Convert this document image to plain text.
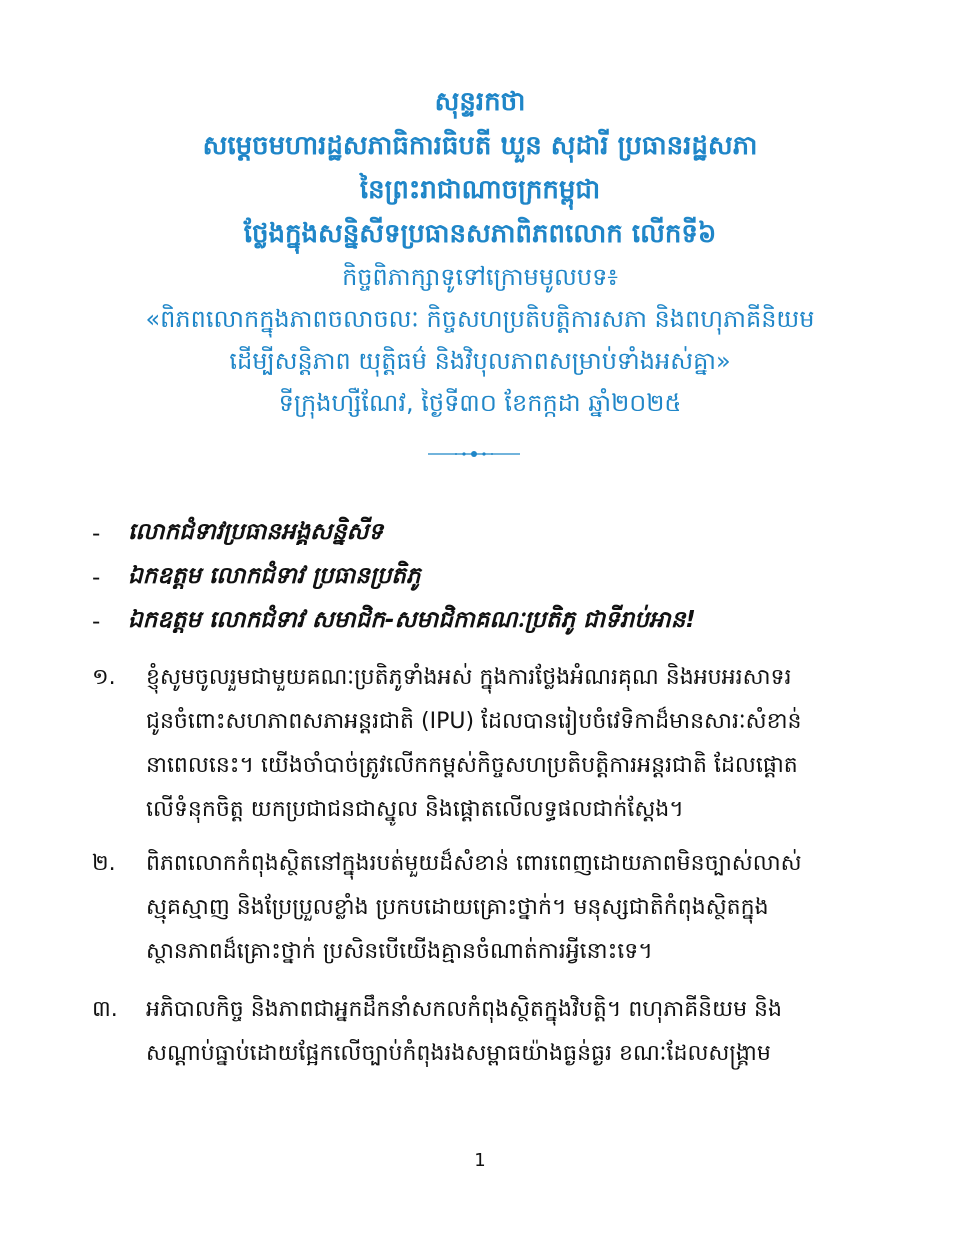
សុន្ទរកថា
សម្តេចមហារដ្ឋសភាធិការធិបតី ឃួន សុដារី ប្រធានរដ្ឋសភា
នៃព្រះរាជាណាចក្រកម្ពុជា
ថ្លែងក្នុងសន្និសីទប្រធានសភាពិភពលោក លើកទី៦
កិច្ចពិភាក្សាទូទៅក្រោមមូលបទ៖
«ពិភពលោកក្នុងភាពចលាចលៈ កិច្ចសហប្រតិបត្តិការសភា និងពហុភាគីនិយម
ដើម្បីសន្តិភាព យុត្តិធម៌ និងវិបុលភាពសម្រាប់ទាំងអស់គ្នា»
ទីក្រុងហ្សឺណែវ, ថ្ងៃទី៣០ ខែកក្កដា ឆ្នាំ២០២៥
-	លោកជំទាវប្រធានអង្គសន្និសីទ
-	ឯកឧត្តម លោកជំទាវ ប្រធានប្រតិភូ
-	ឯកឧត្តម លោកជំទាវ សមាជិក-សមាជិកាគណៈប្រតិភូ ជាទីរាប់អាន!
១.	ខ្ញុំសូមចូលរួមជាមួយគណៈប្រតិភូទាំងអស់ ក្នុងការថ្លែងអំណរគុណ និងអបអរសាទរ
ជូនចំពោះសហភាពសភាអន្តរជាតិ (IPU) ដែលបានរៀបចំវេទិកាដ៏មានសារៈសំខាន់
នាពេលនេះ។ យើងចាំបាច់ត្រូវលើកកម្ពស់កិច្ចសហប្រតិបត្តិការអន្តរជាតិ ដែលផ្តោត
លើទំនុកចិត្ត យកប្រជាជនជាស្នូល និងផ្តោតលើលទ្ធផលជាក់ស្តែង។
២.	ពិភពលោកកំពុងស្ថិតនៅក្នុងរបត់មួយដ៏សំខាន់ ពោរពេញដោយភាពមិនច្បាស់លាស់
ស្មុគស្មាញ និងប្រែប្រួលខ្លាំង ប្រកបដោយគ្រោះថ្នាក់។ មនុស្សជាតិកំពុងស្ថិតក្នុង
ស្ថានភាពដ៏គ្រោះថ្នាក់ ប្រសិនបើយើងគ្មានចំណាត់ការអ្វីនោះទេ។
៣.	អភិបាលកិច្ច និងភាពជាអ្នកដឹកនាំសកលកំពុងស្ថិតក្នុងវិបត្តិ។ ពហុភាគីនិយម និង
សណ្តាប់ធ្នាប់ដោយផ្អែកលើច្បាប់កំពុងរងសម្ពាធយ៉ាងធ្ងន់ធ្ងរ ខណៈដែលសង្គ្រាម
1
